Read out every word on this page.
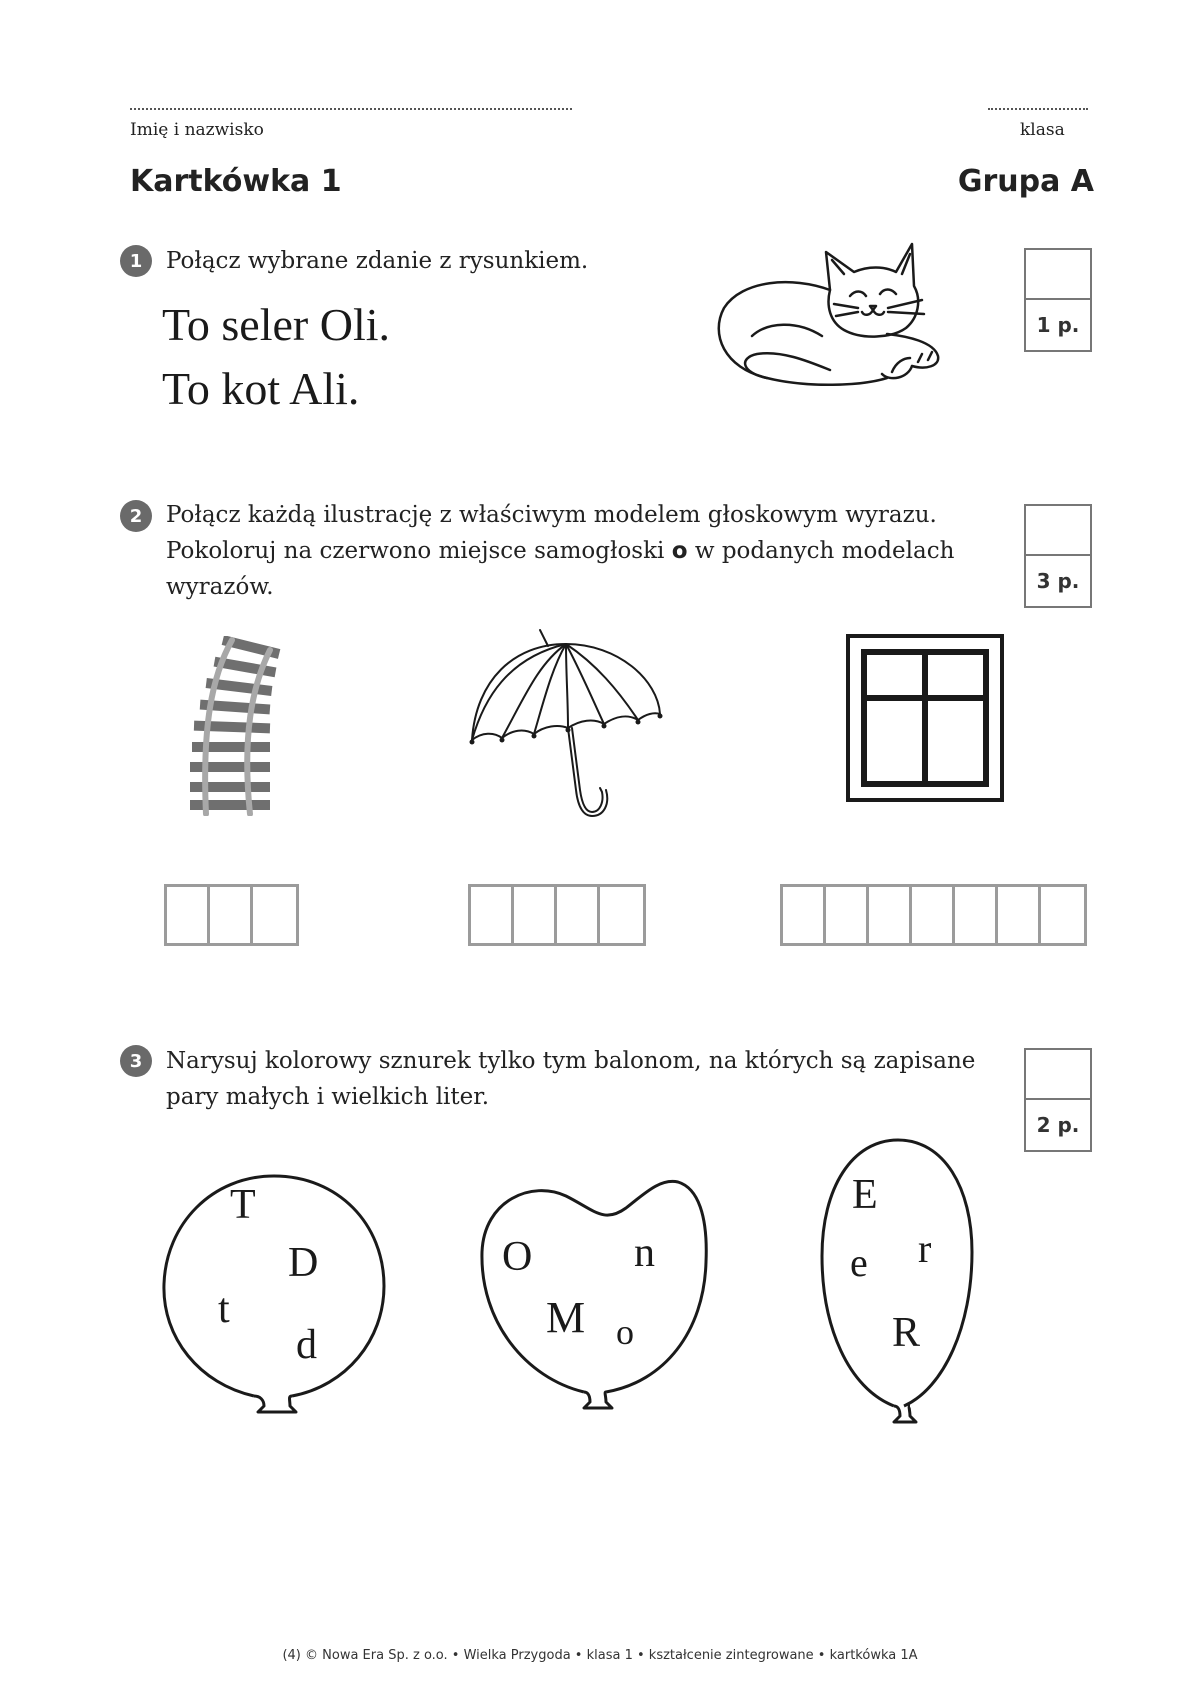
Imię i nazwisko	klasa
Kartkówka 1	Grupa A
1	Połącz wybrane zdanie z rysunkiem.
To seler Oli.
To kot Ali.
1 p.
2	Połącz każdą ilustrację z właściwym modelem głoskowym wyrazu.
Pokoloruj na czerwono miejsce samogłoski o w podanych modelach
wyrazów.	3 p.
3	Narysuj kolorowy sznurek tylko tym balonom, na których są zapisane
pary małych i wielkich liter.
2 p.
T
D
t
d
O n
M o
E
r
e
R
(4) © Nowa Era Sp. z o.o. • Wielka Przygoda • klasa 1 • kształcenie zintegrowane • kartkówka 1A
